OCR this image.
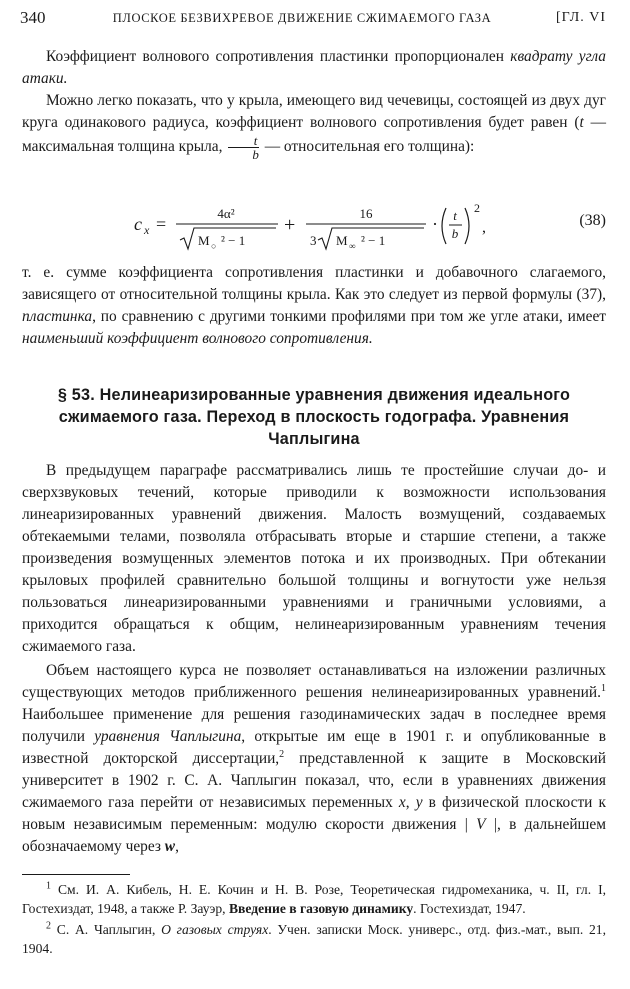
340	ПЛОСКОЕ БЕЗВИХРЕВОЕ ДВИЖЕНИЕ СЖИМАЕМОГО ГАЗА	[ГЛ. VI
Коэффициент волнового сопротивления пластинки пропорционален квадрату угла атаки.
Можно легко показать, что у крыла, имеющего вид чечевицы, состоящей из двух дуг круга одинакового радиуса, коэффициент волнового сопротивления будет равен (t — максимальная толщина крыла, $\frac{t}{b}$ — относительная его толщина):
c x =
4α²
M ○ ² − 1
+
16
3 M ∞ ² − 1
· t
b
2
,	(38)
т. е. сумме коэффициента сопротивления пластинки и добавочного слагаемого, зависящего от относительной толщины крыла. Как это следует из первой формулы (37), пластинка, по сравнению с другими тонкими профилями при том же угле атаки, имеет наименьший коэффициент волнового сопротивления.
§ 53. Нелинеаризированные уравнения движения идеального сжимаемого газа. Переход в плоскость годографа. Уравнения Чаплыгина
В предыдущем параграфе рассматривались лишь те простейшие случаи до- и сверхзвуковых течений, которые приводили к возможности использования линеаризированных уравнений движения. Малость возмущений, создаваемых обтекаемыми телами, позволяла отбрасывать вторые и старшие степени, а также произведения возмущенных элементов потока и их производных. При обтекании крыловых профилей сравнительно большой толщины и вогнутости уже нельзя пользоваться линеаризированными уравнениями и граничными условиями, а приходится обращаться к общим, нелинеаризированным уравнениям течения сжимаемого газа.
Объем настоящего курса не позволяет останавливаться на изложении различных существующих методов приближенного решения нелинеаризированных уравнений.$^1$ Наибольшее применение для решения газодинамических задач в последнее время получили уравнения Чаплыгина, открытые им еще в 1901 г. и опубликованные в известной докторской диссертации,$^2$ представленной к защите в Московский университет в 1902 г. С. А. Чаплыгин показал, что, если в уравнениях движения сжимаемого газа перейти от независимых переменных x, y в физической плоскости к новым независимым переменным: модулю скорости движения | V |, в дальнейшем обозначаемому через w,
$^1$ См. И. А. Кибель, Н. Е. Кочин и Н. В. Розе, Теоретическая гидромеханика, ч. II, гл. I, Гостехиздат, 1948, а также Р. Зауэр, Введение в газовую динамику. Гостехиздат, 1947.
$^2$ С. А. Чаплыгин, О газовых струях. Учен. записки Моск. универс., отд. физ.-мат., вып. 21, 1904.
